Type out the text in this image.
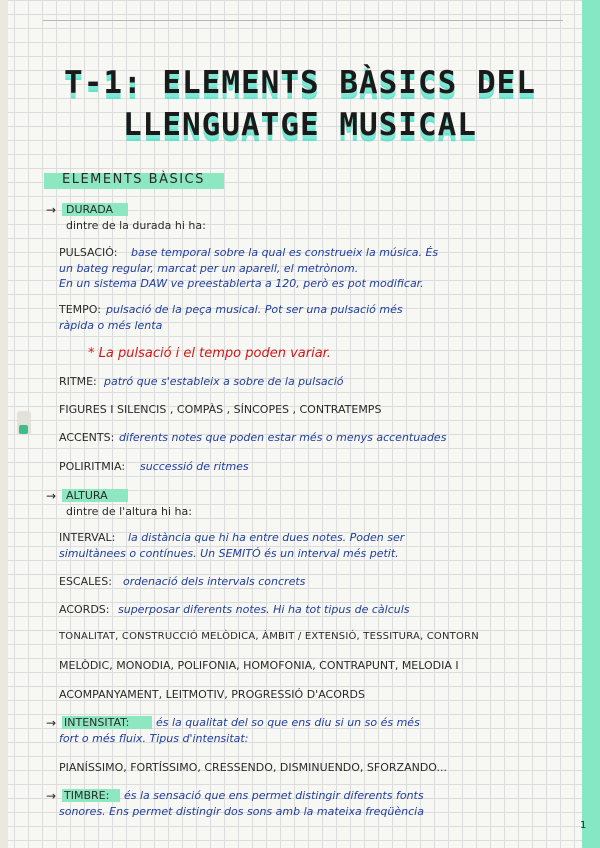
T-1: ELEMENTS BÀSICS DEL
LLENGUATGE MUSICAL
ELEMENTS BÀSICS
→ DURADA
dintre de la durada hi ha:
PULSACIÓ: base temporal sobre la qual es construeix la música. És
un bateg regular, marcat per un aparell, el metrònom.
En un sistema DAW ve preestablerta a 120, però es pot modificar.
TEMPO: pulsació de la peça musical. Pot ser una pulsació més
ràpida o més lenta
* La pulsació i el tempo poden variar.
RITME: patró que s'estableix a sobre de la pulsació
FIGURES I SILENCIS , COMPÀS , SÍNCOPES , CONTRATEMPS
ACCENTS: diferents notes que poden estar més o menys accentuades
POLIRITMIA: successió de ritmes
→ ALTURA
dintre de l'altura hi ha:
INTERVAL: la distància que hi ha entre dues notes. Poden ser
simultànees o contínues. Un SEMITÓ és un interval més petit.
ESCALES: ordenació dels intervals concrets
ACORDS: superposar diferents notes. Hi ha tot tipus de càlculs
TONALITAT, CONSTRUCCIÓ MELÒDICA, ÀMBIT / EXTENSIÓ, TESSITURA, CONTORN
MELÒDIC, MONODIA, POLIFONIA, HOMOFONIA, CONTRAPUNT, MELODIA I
ACOMPANYAMENT, LEITMOTIV, PROGRESSIÓ D'ACORDS
→ INTENSITAT: és la qualitat del so que ens diu si un so és més
fort o més fluix. Tipus d'intensitat:
PIANÍSSIMO, FORTÍSSIMO, CRESSENDO, DISMINUENDO, SFORZANDO...
→ TIMBRE: és la sensació que ens permet distingir diferents fonts
sonores. Ens permet distingir dos sons amb la mateixa freqüència
1
